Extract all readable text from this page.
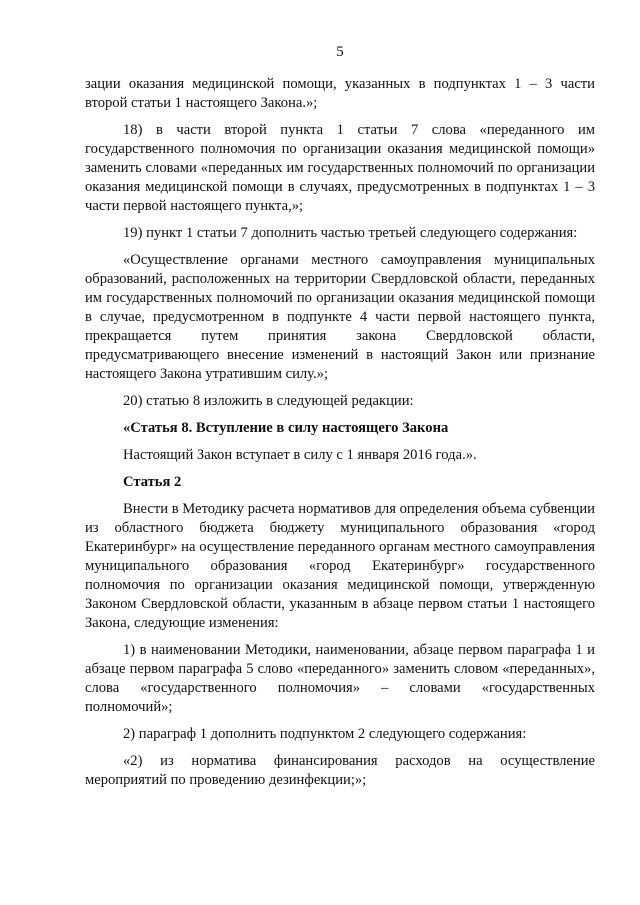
5

зации оказания медицинской помощи, указанных в подпунктах 1 – 3 части второй статьи 1 настоящего Закона.»;

18) в части второй пункта 1 статьи 7 слова «переданного им государственного полномочия по организации оказания медицинской помощи» заменить словами «переданных им государственных полномочий по организации оказания медицинской помощи в случаях, предусмотренных в подпунктах 1 – 3 части первой настоящего пункта,»;

19) пункт 1 статьи 7 дополнить частью третьей следующего содержания:

«Осуществление органами местного самоуправления муниципальных образований, расположенных на территории Свердловской области, переданных им государственных полномочий по организации оказания медицинской помощи в случае, предусмотренном в подпункте 4 части первой настоящего пункта, прекращается путем принятия закона Свердловской области, предусматривающего внесение изменений в настоящий Закон или признание настоящего Закона утратившим силу.»;

20) статью 8 изложить в следующей редакции:

«Статья 8. Вступление в силу настоящего Закона

Настоящий Закон вступает в силу с 1 января 2016 года.».

Статья 2

Внести в Методику расчета нормативов для определения объема субвенции из областного бюджета бюджету муниципального образования «город Екатеринбург» на осуществление переданного органам местного самоуправления муниципального образования «город Екатеринбург» государственного полномочия по организации оказания медицинской помощи, утвержденную Законом Свердловской области, указанным в абзаце первом статьи 1 настоящего Закона, следующие изменения:

1) в наименовании Методики, наименовании, абзаце первом параграфа 1 и абзаце первом параграфа 5 слово «переданного» заменить словом «переданных», слова «государственного полномочия» – словами «государственных полномочий»;

2) параграф 1 дополнить подпунктом 2 следующего содержания:

«2) из норматива финансирования расходов на осуществление мероприятий по проведению дезинфекции;»;
